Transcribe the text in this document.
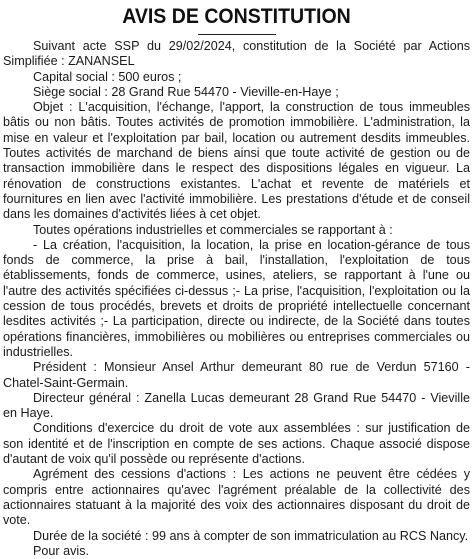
AVIS DE CONSTITUTION

Suivant acte SSP du 29/02/2024, constitution de la Société par Actions Simplifiée : ZANANSEL

Capital social : 500 euros ;

Siège social : 28 Grand Rue 54470 - Vieville-en-Haye ;

Objet : L'acquisition, l'échange, l'apport, la construction de tous immeubles bâtis ou non bâtis. Toutes activités de promotion immobilière. L'administration, la mise en valeur et l'exploitation par bail, location ou autrement desdits immeubles. Toutes activités de marchand de biens ainsi que toute activité de gestion ou de transaction immobilière dans le respect des dispositions légales en vigueur. La rénovation de constructions existantes. L'achat et revente de matériels et fournitures en lien avec l'activité immobilière. Les prestations d'étude et de conseil dans les domaines d'activités liées à cet objet.

Toutes opérations industrielles et commerciales se rapportant à :

- La création, l'acquisition, la location, la prise en location-gérance de tous fonds de commerce, la prise à bail, l'installation, l'exploitation de tous établissements, fonds de commerce, usines, ateliers, se rapportant à l'une ou l'autre des activités spécifiées ci-dessus ;- La prise, l'acquisition, l'exploitation ou la cession de tous procédés, brevets et droits de propriété intellectuelle concernant lesdites activités ;- La participation, directe ou indirecte, de la Société dans toutes opérations financières, immobilières ou mobilières ou entreprises commerciales ou industrielles.

Président : Monsieur Ansel Arthur demeurant 80 rue de Verdun 57160 - Chatel-Saint-Germain.

Directeur général : Zanella Lucas demeurant 28 Grand Rue 54470 - Vieville en Haye.

Conditions d'exercice du droit de vote aux assemblées : sur justification de son identité et de l'inscription en compte de ses actions. Chaque associé dispose d'autant de voix qu'il possède ou représente d'actions.

Agrément des cessions d'actions : Les actions ne peuvent être cédées y compris entre actionnaires qu'avec l'agrément préalable de la collectivité des actionnaires statuant à la majorité des voix des actionnaires disposant du droit de vote.

Durée de la société : 99 ans à compter de son immatriculation au RCS Nancy.

Pour avis.
